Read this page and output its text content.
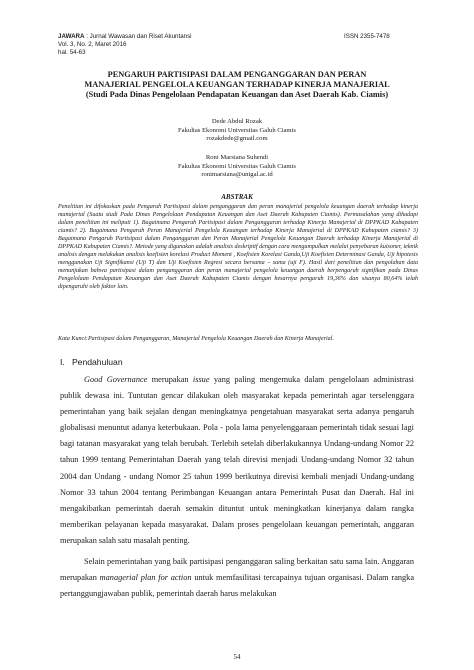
JAWARA : Jurnal Wawasan dan Riset Akuntansi	ISSN 2355-7478
Vol. 3, No. 2, Maret 2016
hal. 54-63
PENGARUH PARTISIPASI DALAM PENGANGGARAN DAN PERAN
MANAJERIAL PENGELOLA KEUANGAN TERHADAP KINERJA MANAJERIAL
(Studi Pada Dinas Pengelolaan Pendapatan Keuangan dan Aset Daerah Kab. Ciamis)
Dede Abdul Rozak
Fakultas Ekonomi Universitas Galuh Ciamis
rozakdede@gmail.com
Roni Marsiana Suhendi
Fakultas Ekonomi Universitas Galuh Ciamis
ronimarsiana@unigal.ac.id
ABSTRAK
Penelitian ini difokuskan pada Pengaruh Partisipasi dalam penganggaran dan peran manajerial pengelola keuangan daerah terhadap kinerja manajerial (Suatu studi Pada Dinas Pengelolaan Pendapatan Keuangan dan Aset Daerah Kabupaten Ciamis). Permasalahan yang dihadapi dalam penelitian ini meliputi 1). Bagaimana Pengaruh Partisipasi dalam Penganggaran terhadap Kinerja Manajerial di DPPKAD Kabupaten ciamis? 2). Bagaimana Pengaruh Peran Manajerial Pengelola Keuangan terhadap Kinerja Manajerial di DPPKAD Kabupaten ciamis? 3) Bagaimana Pengaruh Partisipasi dalam Penganggaran dan Peran Manajerial Pengelola Keuangan Daerah terhadap Kinerja Manajerial di DPPKAD Kabupaten Ciamis?. Metode yang digunakan adalah analisis deskriptif dengan cara mengumpulkan melalui penyebaran kuisoner, teknik analisis dengan melakukan analisis koefisien korelasi Product Moment , Koefisien Korelasi Ganda,Uji Koefisien Determinasi Ganda, Uji hipotesis menggunakan Uji Signifikansi (Uji T) dan Uji Koefisien Regresi secara bersama – sama (uji F). Hasil dari penelitian dan pengolahan data menunjukan bahwa partisipasi dalam penganggaran dan peran manajerial pengelola keuangan daerah berpengaruh signifikan pada Dinas Pengelolaan Pendapatan Keuangan dan Aset Daerah Kabupaten Ciamis dengan besarnya pengaruh 19,36% dan sisanya 80,64% telah dipengaruhi oleh faktor lain.
Kata Kunci:Partisipasi dalam Penganggaran, Manajerial Pengelola Keuangan Daerah dan Kinerja Manajerial.
I. Pendahuluan

Good Governance merupakan issue yang paling mengemuka dalam pengelolaan administrasi publik dewasa ini. Tuntutan gencar dilakukan oleh masyarakat kepada pemerintah agar terselenggara pemerintahan yang baik sejalan dengan meningkatnya pengetahuan masyarakat serta adanya pengaruh globalisasi menuntut adanya keterbukaan. Pola - pola lama penyelenggaraan pemerintah tidak sesuai lagi bagi tatanan masyarakat yang telah berubah. Terlebih setelah diberlakukannya Undang-undang Nomor 22 tahun 1999 tentang Pemerintahan Daerah yang telah direvisi menjadi Undang-undang Nomor 32 tahun 2004 dan Undang - undang Nomor 25 tahun 1999 berikutnya direvisi kembali menjadi Undang-undang Nomor 33 tahun 2004 tentang Perimbangan Keuangan antara Pemerintah Pusat dan Daerah. Hal ini mengakibatkan pemerintah daerah semakin dituntut untuk meningkatkan kinerjanya dalam rangka memberikan pelayanan kepada masyarakat. Dalam proses pengelolaan keuangan pemerintah, anggaran merupakan salah satu masalah penting.

Selain pemerintahan yang baik partisipasi penganggaran saling berkaitan satu sama lain. Anggaran merupakan managerial plan for action untuk memfasilitasi tercapainya tujuan organisasi. Dalam rangka pertanggungjawaban publik, pemerintah daerah harus melakukan

54
